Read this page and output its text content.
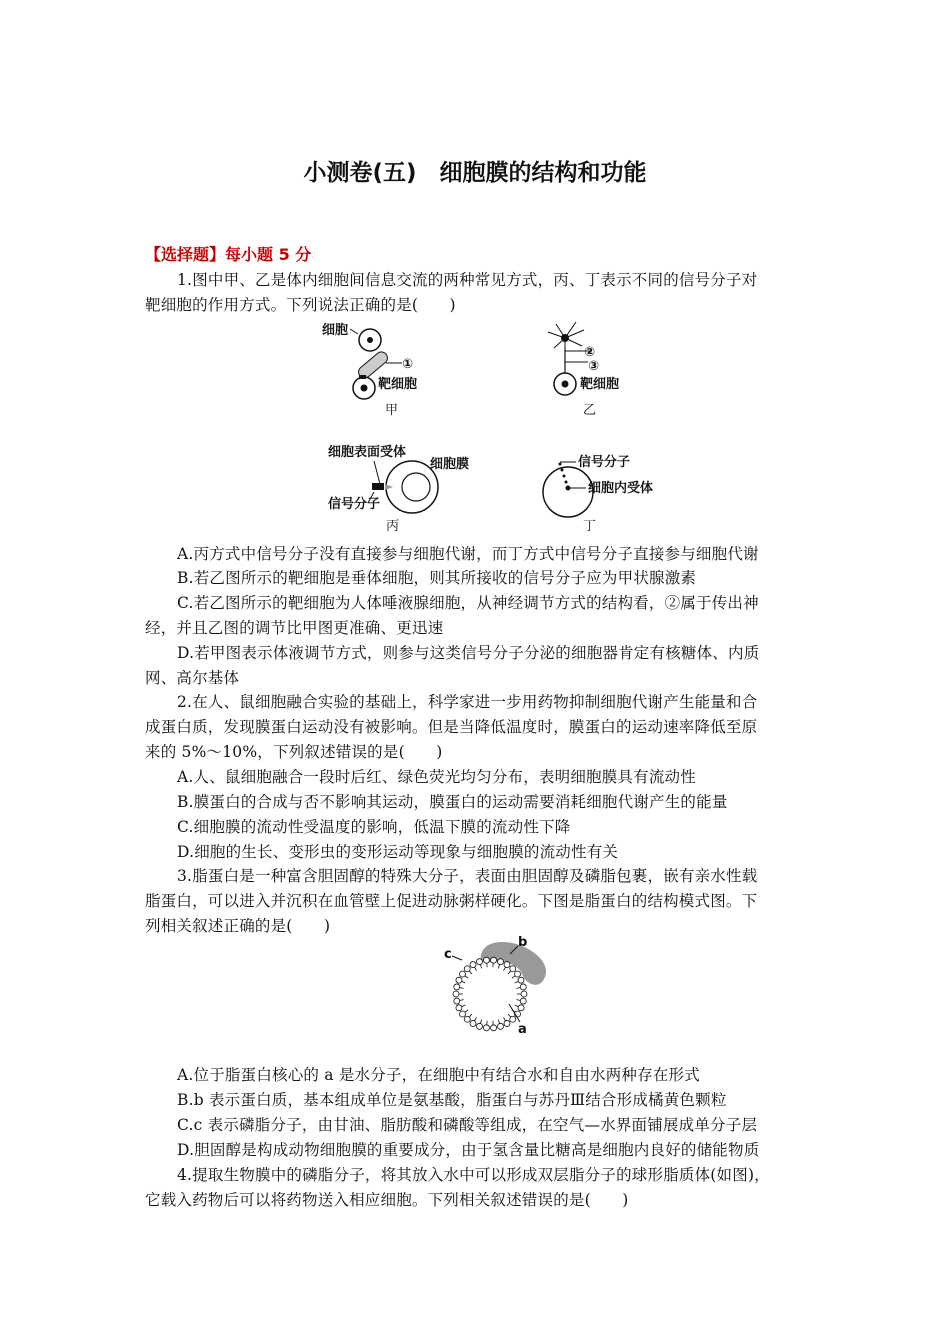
小测卷(五)　细胞膜的结构和功能
【选择题】每小题 5 分
1.图中甲、乙是体内细胞间信息交流的两种常见方式，丙、丁表示不同的信号分子对
靶细胞的作用方式。下列说法正确的是(　　)
细胞
①
靶细胞
甲
②
③
靶细胞
乙
细胞表面受体
细胞膜
信号分子
丙
信号分子
细胞内受体
丁
A.丙方式中信号分子没有直接参与细胞代谢，而丁方式中信号分子直接参与细胞代谢
B.若乙图所示的靶细胞是垂体细胞，则其所接收的信号分子应为甲状腺激素
C.若乙图所示的靶细胞为人体唾液腺细胞，从神经调节方式的结构看，②属于传出神
经，并且乙图的调节比甲图更准确、更迅速
D.若甲图表示体液调节方式，则参与这类信号分子分泌的细胞器肯定有核糖体、内质
网、高尔基体
2.在人、鼠细胞融合实验的基础上，科学家进一步用药物抑制细胞代谢产生能量和合
成蛋白质，发现膜蛋白运动没有被影响。但是当降低温度时，膜蛋白的运动速率降低至原
来的 5%～10%，下列叙述错误的是(　　)
A.人、鼠细胞融合一段时后红、绿色荧光均匀分布，表明细胞膜具有流动性
B.膜蛋白的合成与否不影响其运动，膜蛋白的运动需要消耗细胞代谢产生的能量
C.细胞膜的流动性受温度的影响，低温下膜的流动性下降
D.细胞的生长、变形虫的变形运动等现象与细胞膜的流动性有关
3.脂蛋白是一种富含胆固醇的特殊大分子，表面由胆固醇及磷脂包裹，嵌有亲水性载
脂蛋白，可以进入并沉积在血管壁上促进动脉粥样硬化。下图是脂蛋白的结构模式图。下
列相关叙述正确的是(　　)
a
b
c
A.位于脂蛋白核心的 a 是水分子，在细胞中有结合水和自由水两种存在形式
B.b 表示蛋白质，基本组成单位是氨基酸，脂蛋白与苏丹Ⅲ结合形成橘黄色颗粒
C.c 表示磷脂分子，由甘油、脂肪酸和磷酸等组成，在空气—水界面铺展成单分子层
D.胆固醇是构成动物细胞膜的重要成分，由于氢含量比糖高是细胞内良好的储能物质
4.提取生物膜中的磷脂分子，将其放入水中可以形成双层脂分子的球形脂质体(如图)，
它载入药物后可以将药物送入相应细胞。下列相关叙述错误的是(　　)
